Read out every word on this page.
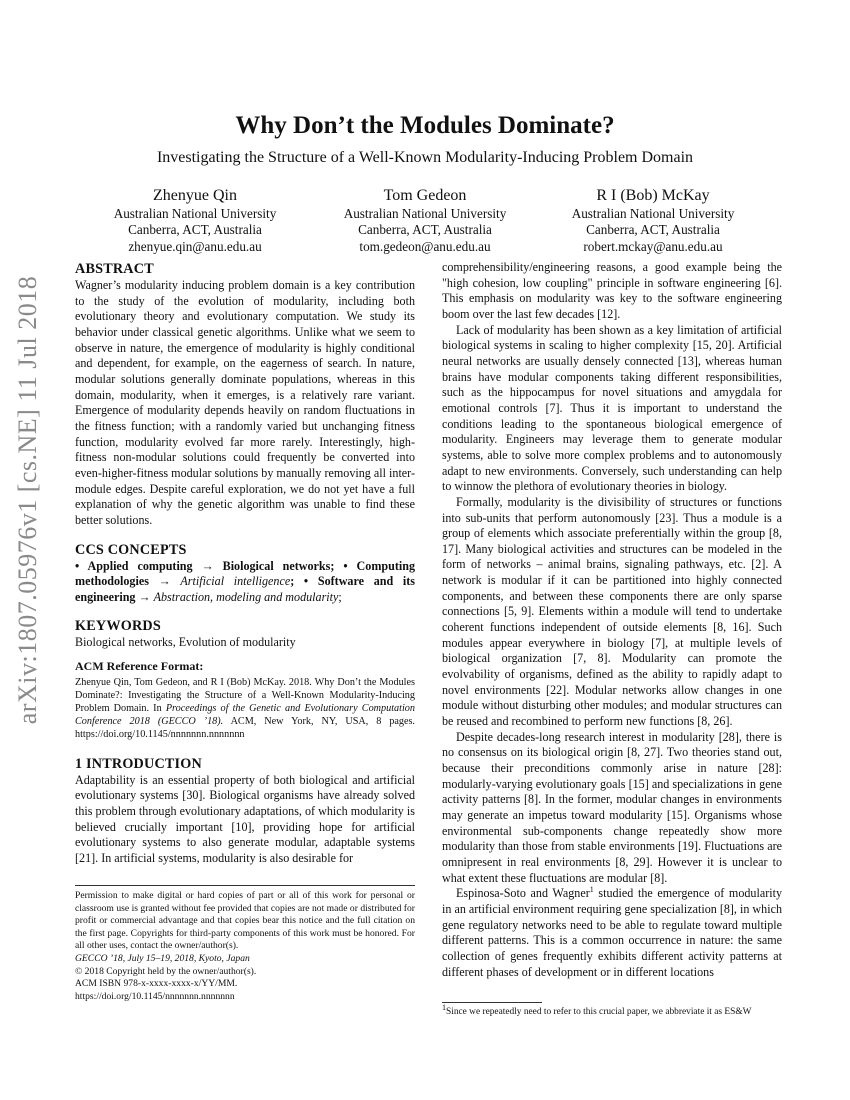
arXiv:1807.05976v1 [cs.NE] 11 Jul 2018
Why Don’t the Modules Dominate?
Investigating the Structure of a Well-Known Modularity-Inducing Problem Domain
Zhenyue Qin
Australian National University
Canberra, ACT, Australia
zhenyue.qin@anu.edu.au
Tom Gedeon
Australian National University
Canberra, ACT, Australia
tom.gedeon@anu.edu.au
R I (Bob) McKay
Australian National University
Canberra, ACT, Australia
robert.mckay@anu.edu.au
ABSTRACT

Wagner’s modularity inducing problem domain is a key contribution to the study of the evolution of modularity, including both evolutionary theory and evolutionary computation. We study its behavior under classical genetic algorithms. Unlike what we seem to observe in nature, the emergence of modularity is highly conditional and dependent, for example, on the eagerness of search. In nature, modular solutions generally dominate populations, whereas in this domain, modularity, when it emerges, is a relatively rare variant. Emergence of modularity depends heavily on random fluctuations in the fitness function; with a randomly varied but unchanging fitness function, modularity evolved far more rarely. Interestingly, high-fitness non-modular solutions could frequently be converted into even-higher-fitness modular solutions by manually removing all inter-module edges. Despite careful exploration, we do not yet have a full explanation of why the genetic algorithm was unable to find these better solutions.

CCS CONCEPTS

• Applied computing → Biological networks; • Computing methodologies → Artificial intelligence; • Software and its engineering → Abstraction, modeling and modularity;

KEYWORDS

Biological networks, Evolution of modularity

ACM Reference Format:

Zhenyue Qin, Tom Gedeon, and R I (Bob) McKay. 2018. Why Don’t the Modules Dominate?: Investigating the Structure of a Well-Known Modularity-Inducing Problem Domain. In Proceedings of the Genetic and Evolutionary Computation Conference 2018 (GECCO ’18). ACM, New York, NY, USA, 8 pages. https://doi.org/10.1145/nnnnnnn.nnnnnnn

1 INTRODUCTION

Adaptability is an essential property of both biological and artificial evolutionary systems [30]. Biological organisms have already solved this problem through evolutionary adaptations, of which modularity is believed crucially important [10], providing hope for artificial evolutionary systems to also generate modular, adaptable systems [21]. In artificial systems, modularity is also desirable for

Permission to make digital or hard copies of part or all of this work for personal or classroom use is granted without fee provided that copies are not made or distributed for profit or commercial advantage and that copies bear this notice and the full citation on the first page. Copyrights for third-party components of this work must be honored. For all other uses, contact the owner/author(s).

GECCO ’18, July 15–19, 2018, Kyoto, Japan
© 2018 Copyright held by the owner/author(s).
ACM ISBN 978-x-xxxx-xxxx-x/YY/MM.
https://doi.org/10.1145/nnnnnnn.nnnnnnn

comprehensibility/engineering reasons, a good example being the "high cohesion, low coupling" principle in software engineering [6]. This emphasis on modularity was key to the software engineering boom over the last few decades [12].

Lack of modularity has been shown as a key limitation of artificial biological systems in scaling to higher complexity [15, 20]. Artificial neural networks are usually densely connected [13], whereas human brains have modular components taking different responsibilities, such as the hippocampus for novel situations and amygdala for emotional controls [7]. Thus it is important to understand the conditions leading to the spontaneous biological emergence of modularity. Engineers may leverage them to generate modular systems, able to solve more complex problems and to autonomously adapt to new environments. Conversely, such understanding can help to winnow the plethora of evolutionary theories in biology.

Formally, modularity is the divisibility of structures or functions into sub-units that perform autonomously [23]. Thus a module is a group of elements which associate preferentially within the group [8, 17]. Many biological activities and structures can be modeled in the form of networks – animal brains, signaling pathways, etc. [2]. A network is modular if it can be partitioned into highly connected components, and between these components there are only sparse connections [5, 9]. Elements within a module will tend to undertake coherent functions independent of outside elements [8, 16]. Such modules appear everywhere in biology [7], at multiple levels of biological organization [7, 8]. Modularity can promote the evolvability of organisms, defined as the ability to rapidly adapt to novel environments [22]. Modular networks allow changes in one module without disturbing other modules; and modular structures can be reused and recombined to perform new functions [8, 26].

Despite decades-long research interest in modularity [28], there is no consensus on its biological origin [8, 27]. Two theories stand out, because their preconditions commonly arise in nature [28]: modularly-varying evolutionary goals [15] and specializations in gene activity patterns [8]. In the former, modular changes in environments may generate an impetus toward modularity [15]. Organisms whose environmental sub-components change repeatedly show more modularity than those from stable environments [19]. Fluctuations are omnipresent in real environments [8, 29]. However it is unclear to what extent these fluctuations are modular [8].

Espinosa-Soto and Wagner$^1$ studied the emergence of modularity in an artificial environment requiring gene specialization [8], in which gene regulatory networks need to be able to regulate toward multiple different patterns. This is a common occurrence in nature: the same collection of genes frequently exhibits different activity patterns at different phases of development or in different locations

$^1$Since we repeatedly need to refer to this crucial paper, we abbreviate it as ES&W
